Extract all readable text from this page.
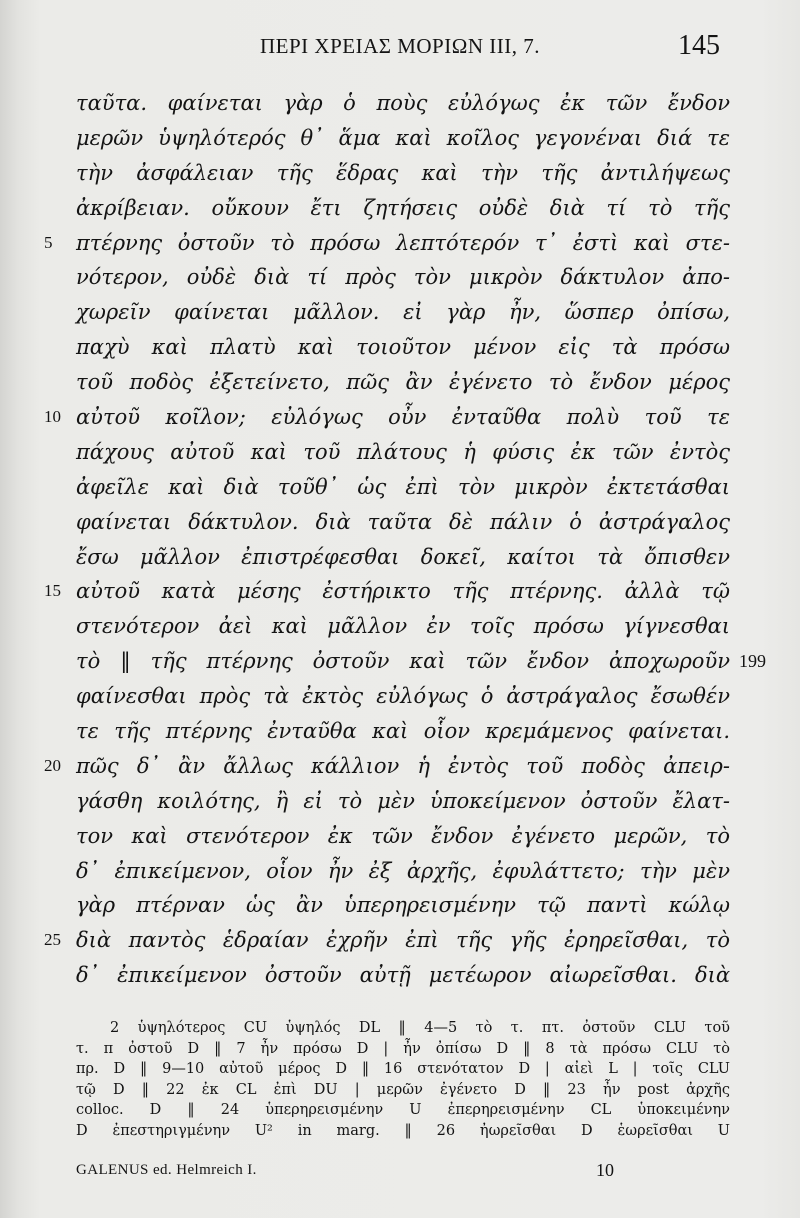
ΠΕΡΙ ΧΡΕΙΑΣ ΜΟΡΙΩΝ III, 7.	145
ταῦτα. φαίνεται γὰρ ὁ ποὺς εὐλόγως ἐκ τῶν ἔνδον
μερῶν ὑψηλότερός θ᾽ ἅμα καὶ κοῖλος γεγονέναι διά τε
τὴν ἀσφάλειαν τῆς ἕδρας καὶ τὴν τῆς ἀντιλήψεως
ἀκρίβειαν. οὔκουν ἔτι ζητήσεις οὐδὲ διὰ τί τὸ τῆς
5	πτέρνης ὀστοῦν τὸ πρόσω λεπτότερόν τ᾽ ἐστὶ καὶ στε-
νότερον, οὐδὲ διὰ τί πρὸς τὸν μικρὸν δάκτυλον ἀπο-
χωρεῖν φαίνεται μᾶλλον. εἰ γὰρ ἦν, ὥσπερ ὀπίσω,
παχὺ καὶ πλατὺ καὶ τοιοῦτον μένον εἰς τὰ πρόσω
τοῦ ποδὸς ἐξετείνετο, πῶς ἂν ἐγένετο τὸ ἔνδον μέρος
10 αὐτοῦ κοῖλον; εὐλόγως οὖν ἐνταῦθα πολὺ τοῦ τε
πάχους αὐτοῦ καὶ τοῦ πλάτους ἡ φύσις ἐκ τῶν ἐντὸς
ἀφεῖλε καὶ διὰ τοῦθ᾽ ὡς ἐπὶ τὸν μικρὸν ἐκτετάσθαι
φαίνεται δάκτυλον. διὰ ταῦτα δὲ πάλιν ὁ ἀστράγαλος
ἔσω μᾶλλον ἐπιστρέφεσθαι δοκεῖ, καίτοι τὰ ὄπισθεν
15 αὐτοῦ κατὰ μέσης ἐστήρικτο τῆς πτέρνης. ἀλλὰ τῷ
στενότερον ἀεὶ καὶ μᾶλλον ἐν τοῖς πρόσω γίγνεσθαι
τὸ ‖ τῆς πτέρνης ὀστοῦν καὶ τῶν ἔνδον ἀποχωροῦν 199
φαίνεσθαι πρὸς τὰ ἐκτὸς εὐλόγως ὁ ἀστράγαλος ἔσωθέν
τε τῆς πτέρνης ἐνταῦθα καὶ οἷον κρεμάμενος φαίνεται.
20 πῶς δ᾽ ἂν ἄλλως κάλλιον ἡ ἐντὸς τοῦ ποδὸς ἀπειρ-
γάσθη κοιλότης, ἢ εἰ τὸ μὲν ὑποκείμενον ὀστοῦν ἔλατ-
τον καὶ στενότερον ἐκ τῶν ἔνδον ἐγένετο μερῶν, τὸ
δ᾽ ἐπικείμενον, οἷον ἦν ἐξ ἀρχῆς, ἐφυλάττετο; τὴν μὲν
γὰρ πτέρναν ὡς ἂν ὑπερηρεισμένην τῷ παντὶ κώλῳ
25 διὰ παντὸς ἑδραίαν ἐχρῆν ἐπὶ τῆς γῆς ἐρηρεῖσθαι, τὸ
δ᾽ ἐπικείμενον ὀστοῦν αὐτῇ μετέωρον αἰωρεῖσθαι. διὰ
2 ὑψηλότερος CU ὑψηλός DL ‖ 4—5 τὸ τ. πτ. ὀστοῦν CLU τοῦ
τ. π ὀστοῦ D ‖ 7 ἦν πρόσω D | ἦν ὀπίσω D ‖ 8 τὰ πρόσω CLU τὸ
πρ. D ‖ 9—10 αὐτοῦ μέρος D ‖ 16 στενότατον D | αἰεὶ L | τοῖς CLU
τῷ D ‖ 22 ἐκ CL ἐπὶ DU | μερῶν ἐγένετο D ‖ 23 ἦν post ἀρχῆς
colloc. D ‖ 24 ὑπερηρεισμένην U ἐπερηρεισμένην CL ὑποκειμένην
D ἐπεστηριγμένην U² in marg. ‖ 26 ἠωρεῖσθαι D ἑωρεῖσθαι U
GALENUS ed. Helmreich I.	10
